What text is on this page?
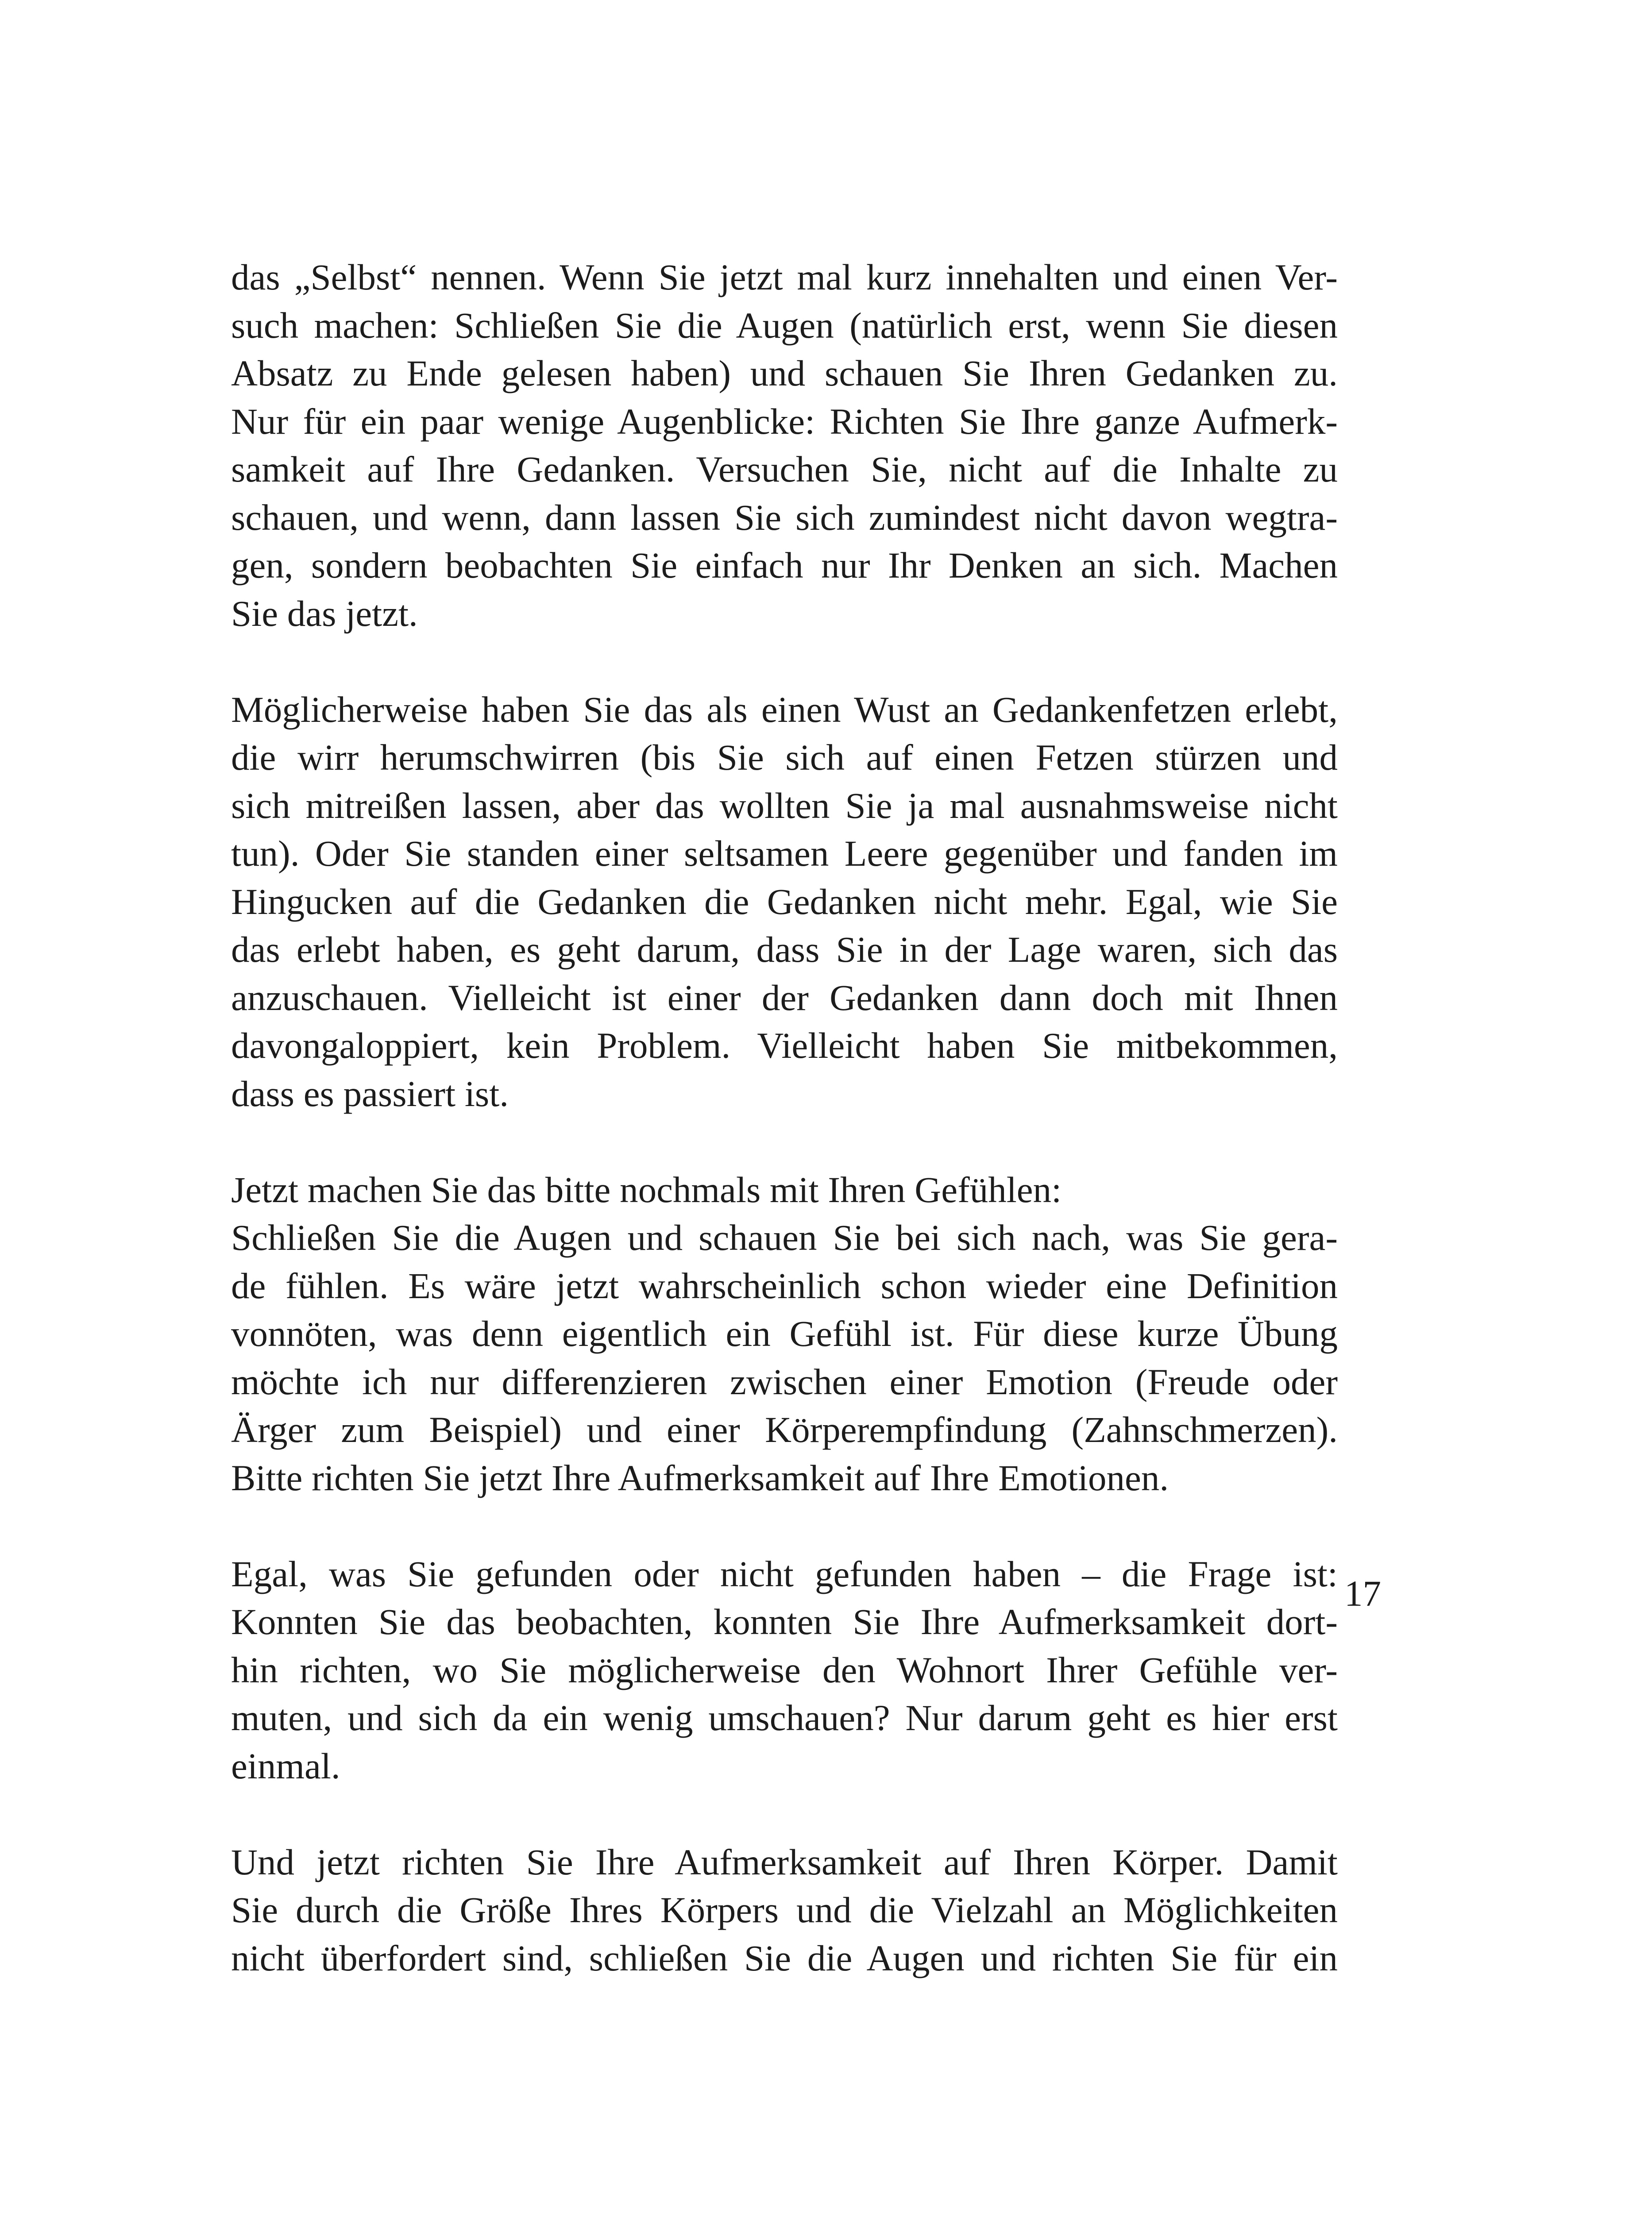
das „Selbst“ nennen. Wenn Sie jetzt mal kurz innehalten und einen Ver-
such machen: Schließen Sie die Augen (natürlich erst, wenn Sie diesen
Absatz zu Ende gelesen haben) und schauen Sie Ihren Gedanken zu.
Nur für ein paar wenige Augenblicke: Richten Sie Ihre ganze Aufmerk-
samkeit auf Ihre Gedanken. Versuchen Sie, nicht auf die Inhalte zu
schauen, und wenn, dann lassen Sie sich zumindest nicht davon wegtra-
gen, sondern beobachten Sie einfach nur Ihr Denken an sich. Machen
Sie das jetzt.
Möglicherweise haben Sie das als einen Wust an Gedankenfetzen erlebt,
die wirr herumschwirren (bis Sie sich auf einen Fetzen stürzen und
sich mitreißen lassen, aber das wollten Sie ja mal ausnahmsweise nicht
tun). Oder Sie standen einer seltsamen Leere gegenüber und fanden im
Hingucken auf die Gedanken die Gedanken nicht mehr. Egal, wie Sie
das erlebt haben, es geht darum, dass Sie in der Lage waren, sich das
anzuschauen. Vielleicht ist einer der Gedanken dann doch mit Ihnen
davongaloppiert, kein Problem. Vielleicht haben Sie mitbekommen,
dass es passiert ist.
Jetzt machen Sie das bitte nochmals mit Ihren Gefühlen:
Schließen Sie die Augen und schauen Sie bei sich nach, was Sie gera-
de fühlen. Es wäre jetzt wahrscheinlich schon wieder eine Definition
vonnöten, was denn eigentlich ein Gefühl ist. Für diese kurze Übung
möchte ich nur differenzieren zwischen einer Emotion (Freude oder
Ärger zum Beispiel) und einer Körperempfindung (Zahnschmerzen).
Bitte richten Sie jetzt Ihre Aufmerksamkeit auf Ihre Emotionen.
Egal, was Sie gefunden oder nicht gefunden haben – die Frage ist:
Konnten Sie das beobachten, konnten Sie Ihre Aufmerksamkeit dort-
hin richten, wo Sie möglicherweise den Wohnort Ihrer Gefühle ver-
muten, und sich da ein wenig umschauen? Nur darum geht es hier erst
einmal.
Und jetzt richten Sie Ihre Aufmerksamkeit auf Ihren Körper. Damit
Sie durch die Größe Ihres Körpers und die Vielzahl an Möglichkeiten
nicht überfordert sind, schließen Sie die Augen und richten Sie für ein
17
